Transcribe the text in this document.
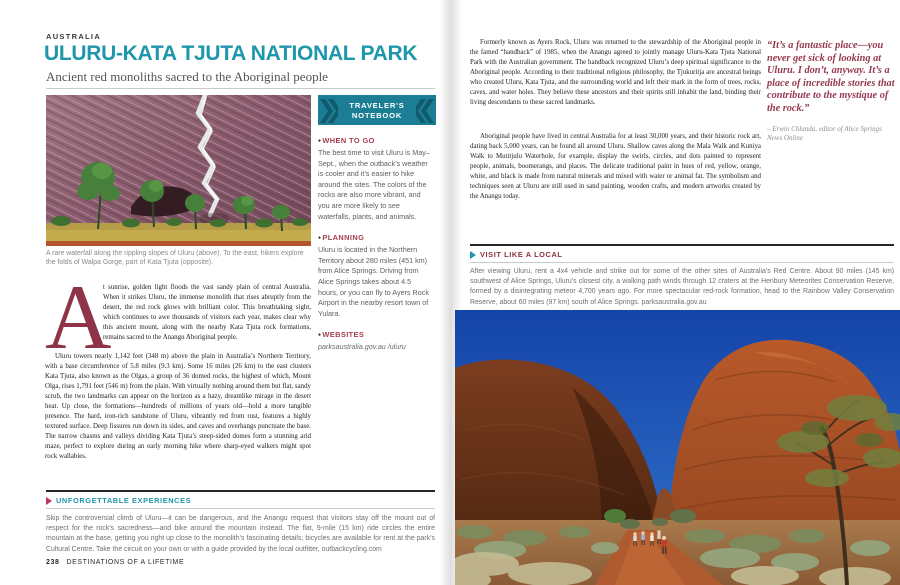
AUSTRALIA
ULURU-KATA TJUTA NATIONAL PARK
Ancient red monoliths sacred to the Aboriginal people
A rare waterfall along the rippling slopes of Uluru (above). To the east, hikers explore the folds of Walpa Gorge, part of Kata Tjuta (opposite).
A

t sunrise, golden light floods the vast sandy plain of central Australia. When it strikes Uluru, the immense monolith that rises abruptly from the desert, the red rock glows with brilliant color. This breathtaking sight, which continues to awe thousands of visitors each year, makes clear why this ancient mount, along with the nearby Kata Tjuta rock formations, remains sacred to the Anangu Aboriginal people.

Uluru towers nearly 1,142 feet (348 m) above the plain in Australia’s Northern Territory, with a base circumference of 5.8 miles (9.3 km). Some 16 miles (26 km) to the east clusters Kata Tjuta, also known as the Olgas, a group of 36 domed rocks, the highest of which, Mount Olga, rises 1,791 feet (546 m) from the plain. With virtually nothing around them but flat, sandy scrub, the two landmarks can appear on the horizon as a hazy, dreamlike mirage in the desert heat. Up close, the formations—hundreds of millions of years old—hold a more tangible presence. The hard, iron-rich sandstone of Uluru, vibrantly red from rust, features a highly textured surface. Deep fissures run down its sides, and caves and overhangs punctuate the base. The narrow chasms and valleys dividing Kata Tjuta’s steep-sided domes form a stunning arid maze, perfect to explore during an early morning hike where sharp-eyed walkers might spot rock wallabies.

TRAVELER'S
NOTEBOOK
●WHEN TO GO
The best time to visit Uluru is May–Sept., when the outback’s weather is cooler and it’s easier to hike around the sites. The colors of the rocks are also more vibrant, and you are more likely to see waterfalls, plants, and animals.
●PLANNING
Uluru is located in the Northern Territory about 280 miles (451 km) from Alice Springs. Driving from Alice Springs takes about 4.5 hours, or you can fly to Ayers Rock Airport in the nearby resort town of Yulara.
●WEBSITES
parksaustralia.gov.au /uluru
UNFORGETTABLE EXPERIENCES
Skip the controversial climb of Uluru—it can be dangerous, and the Anangu request that visitors stay off the mount out of respect for the rock’s sacredness—and bike around the mountain instead. The flat, 9-mile (15 km) ride circles the entire mountain at the base, getting you right up close to the monolith’s fascinating details; bicycles are available for rent at the park’s Cultural Centre. Take the circuit on your own or with a guide provided by the local outfitter, outbackcycling.com
238 DESTINATIONS OF A LIFETIME

Formerly known as Ayers Rock, Uluru was returned to the stewardship of the Aboriginal people in the famed “handback” of 1985, when the Anangu agreed to jointly manage Uluru-Kata Tjuta National Park with the Australian government. The handback recognized Uluru’s deep spiritual significance to the Aboriginal people. According to their traditional religious philosophy, the Tjukuritja are ancestral beings who created Uluru, Kata Tjuta, and the surrounding world and left their mark in the form of trees, rocks, caves, and water holes. They believe these ancestors and their spirits still inhabit the land, binding their living descendants to these sacred landmarks.

Aboriginal people have lived in central Australia for at least 30,000 years, and their historic rock art, dating back 5,000 years, can be found all around Uluru. Shallow caves along the Mala Walk and Kuniya Walk to Mutitjulu Waterhole, for example, display the swirls, circles, and dots painted to represent people, animals, boomerangs, and places. The delicate traditional paint in hues of red, yellow, orange, white, and black is made from natural minerals and mixed with water or animal fat. The symbolism and techniques seen at Uluru are still used in sand painting, wooden crafts, and modern artworks created by the Anangu today.

“It’s a fantastic place—you never get sick of looking at Uluru. I don’t, anyway. It’s a place of incredible stories that contribute to the mystique of the rock.”
– Erwin Chlanda, editor of Alice Springs News Online
VISIT LIKE A LOCAL
After viewing Uluru, rent a 4x4 vehicle and strike out for some of the other sites of Australia’s Red Centre. About 90 miles (145 km) southwest of Alice Springs, Uluru’s closest city, a walking path winds through 12 craters at the Henbury Meteorites Conservation Reserve, formed by a disintegrating meteor 4,700 years ago. For more spectacular red-rock formation, head to the Rainbow Valley Conservation Reserve, about 60 miles (97 km) south of Alice Springs. parksaustralia.gov.au
